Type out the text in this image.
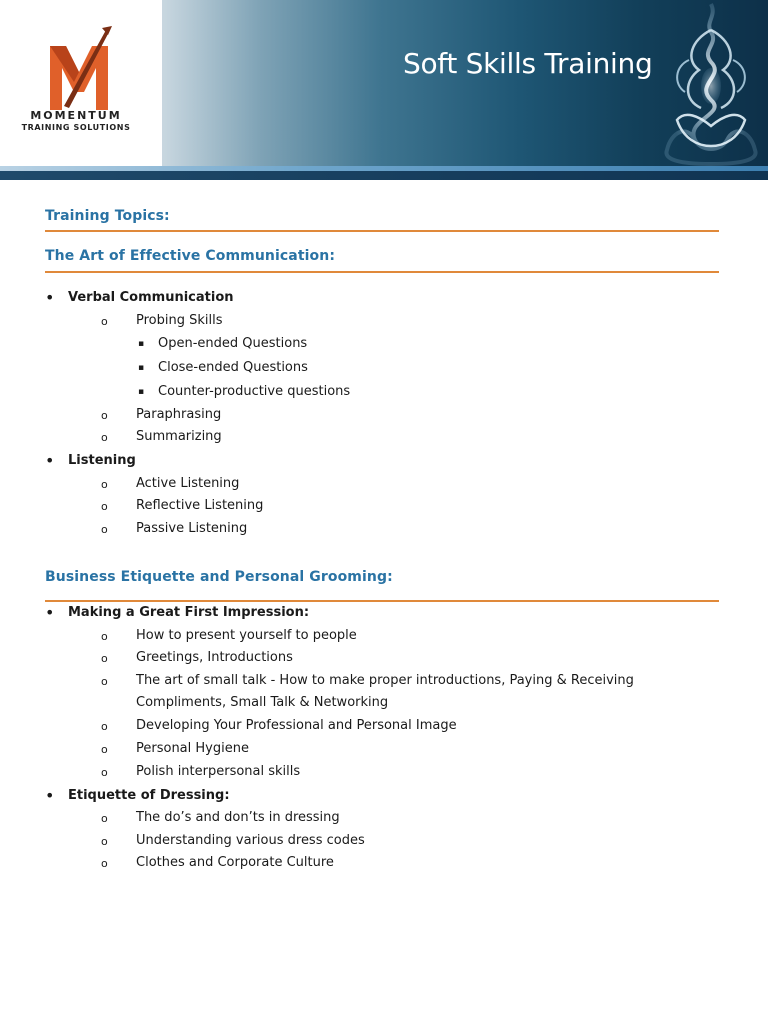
MOMENTUM
TRAINING SOLUTIONS
Soft Skills Training
Training Topics:
The Art of Effective Communication:
• Verbal Communication
o Probing Skills
▪ Open-ended Questions
▪ Close-ended Questions
▪ Counter-productive questions
o Paraphrasing
o Summarizing
• Listening
o Active Listening
o Reflective Listening
o Passive Listening
Business Etiquette and Personal Grooming:
• Making a Great First Impression:
o How to present yourself to people
o Greetings, Introductions
o The art of small talk - How to make proper introductions, Paying & Receiving
Compliments, Small Talk & Networking
o Developing Your Professional and Personal Image
o Personal Hygiene
o Polish interpersonal skills
• Etiquette of Dressing:
o The do’s and don’ts in dressing
o Understanding various dress codes
o Clothes and Corporate Culture
